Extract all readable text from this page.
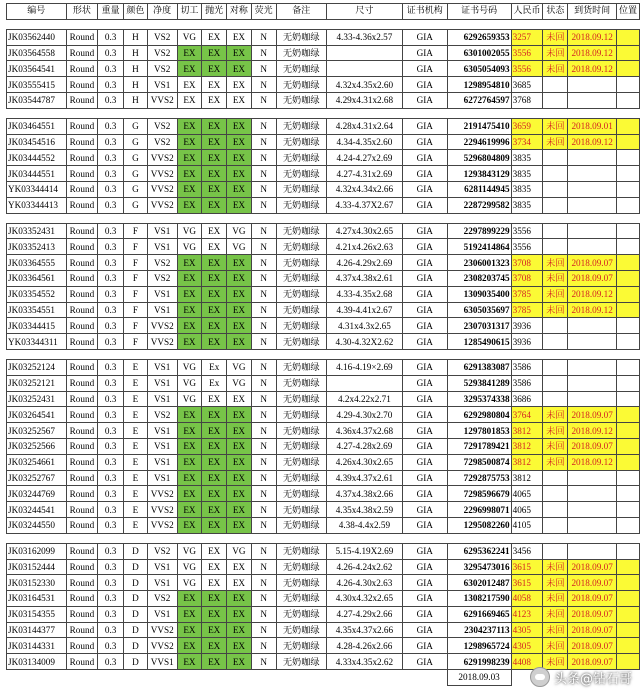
编号	形状	重量	颜色	净度	切工	抛光	对称	荧光	备注	尺寸	证书机构	证书号码	人民币	状态	到货时间	位置

JK03562440	Round	0.3	H	VS2	VG	EX	EX	N	无奶咖绿	4.33-4.36x2.57	GIA	6292659353	3257	未回	2018.09.12	
JK03564558	Round	0.3	H	VS2	EX	EX	EX	N	无奶咖绿		GIA	6301002055	3556	未回	2018.09.12	
JK03564541	Round	0.3	H	VS2	EX	EX	EX	N	无奶咖绿		GIA	6305054093	3556	未回	2018.09.12	
JK03555415	Round	0.3	H	VS1	EX	EX	EX	N	无奶咖绿	4.32x4.35x2.60	GIA	1298954810	3685			
JK03544787	Round	0.3	H	VVS2	EX	EX	EX	N	无奶咖绿	4.29x4.31x2.68	GIA	6272764597	3768			

JK03464551	Round	0.3	G	VS2	EX	EX	EX	N	无奶咖绿	4.28x4.31x2.64	GIA	2191475410	3659	未回	2018.09.01	
JK03454516	Round	0.3	G	VS2	EX	EX	EX	N	无奶咖绿	4.34-4.35x2.60	GIA	2294619996	3734	未回	2018.09.12	
JK03444552	Round	0.3	G	VVS2	EX	EX	EX	N	无奶咖绿	4.24-4.27x2.69	GIA	5296804809	3835			
JK03444551	Round	0.3	G	VVS2	EX	EX	EX	N	无奶咖绿	4.27-4.31x2.69	GIA	1293843129	3835			
YK03344414	Round	0.3	G	VVS2	EX	EX	EX	N	无奶咖绿	4.32x4.34x2.66	GIA	6281144945	3835			
YK03344413	Round	0.3	G	VVS2	EX	EX	EX	N	无奶咖绿	4.33-4.37X2.67	GIA	2287299582	3835			

JK03352431	Round	0.3	F	VS1	VG	EX	VG	N	无奶咖绿	4.27x4.30x2.65	GIA	2297899229	3556			
JK03352413	Round	0.3	F	VS1	VG	EX	VG	N	无奶咖绿	4.21x4.26x2.63	GIA	5192414864	3556			
JK03364555	Round	0.3	F	VS2	EX	EX	EX	N	无奶咖绿	4.26-4.29x2.69	GIA	2306001323	3708	未回	2018.09.07	
JK03364561	Round	0.3	F	VS2	EX	EX	EX	N	无奶咖绿	4.37x4.38x2.61	GIA	2308203745	3708	未回	2018.09.07	
JK03354552	Round	0.3	F	VS1	EX	EX	EX	N	无奶咖绿	4.33-4.35x2.68	GIA	1309035400	3785	未回	2018.09.12	
JK03354551	Round	0.3	F	VS1	EX	EX	EX	N	无奶咖绿	4.39-4.41x2.67	GIA	6305035697	3785	未回	2018.09.12	
JK03344415	Round	0.3	F	VVS2	EX	EX	EX	N	无奶咖绿	4.31x4.3x2.65	GIA	2307031317	3936			
YK03344311	Round	0.3	F	VVS2	EX	EX	EX	N	无奶咖绿	4.30-4.32X2.62	GIA	1285490615	3936			

JK03252124	Round	0.3	E	VS1	VG	Ex	VG	N	无奶咖绿	4.16-4.19×2.69	GIA	6291383087	3586			
JK03252121	Round	0.3	E	VS1	VG	Ex	VG	N	无奶咖绿		GIA	5293841289	3586			
JK03252431	Round	0.3	E	VS1	VG	EX	EX	N	无奶咖绿	4.2x4.22x2.71	GIA	3295374338	3686			
JK03264541	Round	0.3	E	VS2	EX	EX	EX	N	无奶咖绿	4.29-4.30x2.70	GIA	6292980804	3764	未回	2018.09.07	
JK03252567	Round	0.3	E	VS1	EX	EX	EX	N	无奶咖绿	4.36x4.37x2.68	GIA	1297801853	3812	未回	2018.09.12	
JK03252566	Round	0.3	E	VS1	EX	EX	EX	N	无奶咖绿	4.27-4.28x2.69	GIA	7291789421	3812	未回	2018.09.07	
JK03254661	Round	0.3	E	VS1	EX	EX	EX	N	无奶咖绿	4.26x4.30x2.65	GIA	7298500874	3812	未回	2018.09.12	
JK03252767	Round	0.3	E	VS1	EX	EX	EX	N	无奶咖绿	4.39x4.37x2.61	GIA	7292875753	3812			
JK03244769	Round	0.3	E	VVS2	EX	EX	EX	N	无奶咖绿	4.37x4.38x2.66	GIA	7298596679	4065			
JK03244541	Round	0.3	E	VVS2	EX	EX	EX	N	无奶咖绿	4.35x4.38x2.59	GIA	2296998071	4065			
JK03244550	Round	0.3	E	VVS2	EX	EX	EX	N	无奶咖绿	4.38-4.4x2.59	GIA	1295082260	4105			

JK03162099	Round	0.3	D	VS2	VG	EX	VG	N	无奶咖绿	5.15-4.19X2.69	GIA	6295362241	3456			
JK03152444	Round	0.3	D	VS1	VG	EX	EX	N	无奶咖绿	4.26-4.24x2.62	GIA	3295473016	3615	未回	2018.09.07	
JK03152330	Round	0.3	D	VS1	VG	EX	EX	N	无奶咖绿	4.26-4.30x2.63	GIA	6302012487	3615	未回	2018.09.07	
JK03164531	Round	0.3	D	VS2	EX	EX	EX	N	无奶咖绿	4.30x4.32x2.65	GIA	1308217590	4058	未回	2018.09.07	
JK03154355	Round	0.3	D	VS1	EX	EX	EX	N	无奶咖绿	4.27-4.29x2.66	GIA	6291669465	4123	未回	2018.09.07	
JK03144377	Round	0.3	D	VVS2	EX	EX	EX	N	无奶咖绿	4.35x4.37x2.66	GIA	2304237113	4305	未回	2018.09.07	
JK03144331	Round	0.3	D	VVS2	EX	EX	EX	N	无奶咖绿	4.28-4.26x2.66	GIA	1298965724	4305	未回	2018.09.07	
JK03134009	Round	0.3	D	VVS1	EX	EX	EX	N	无奶咖绿	4.33x4.35x2.62	GIA	6291998239	4408	未回	2018.09.07	
												2018.09.03					头条@钻石哥
